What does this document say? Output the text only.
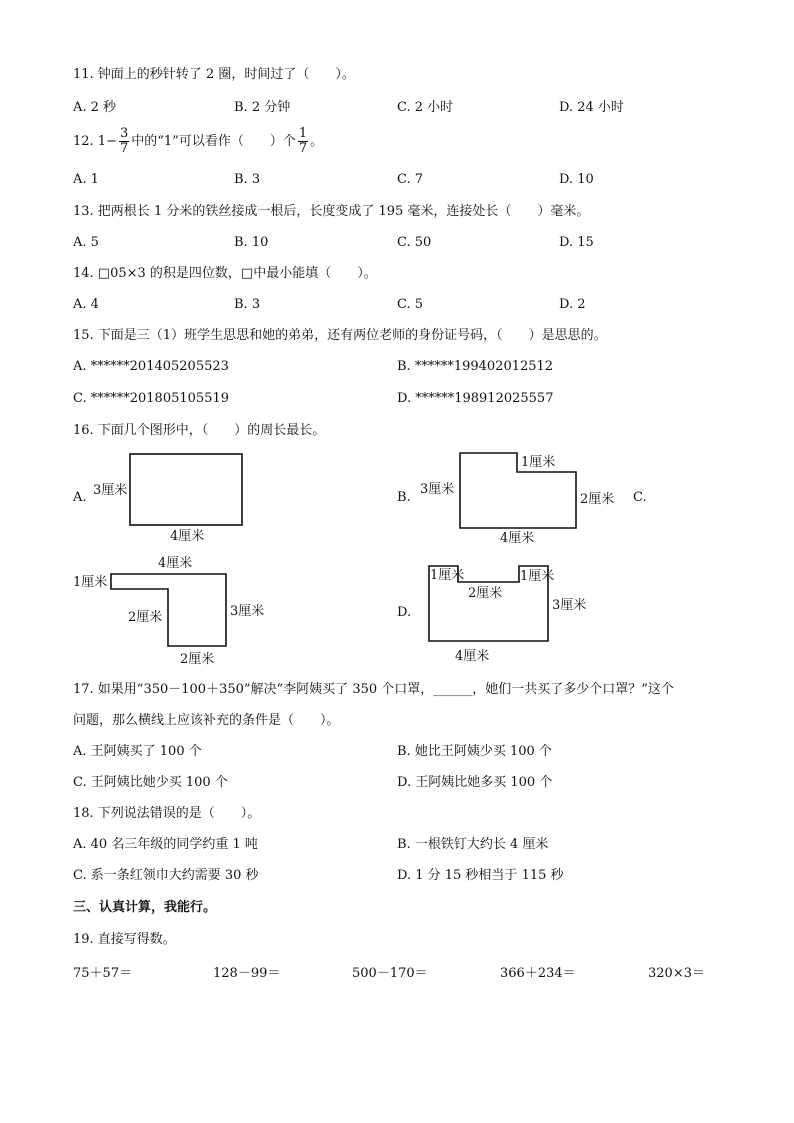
11. 钟面上的秒针转了 2 圈，时间过了（　　）。
A. 2 秒	B. 2 分钟	C. 2 小时	D. 24 小时
12. $1- \frac{3}{7}$ 中的“1”可以看作（　　）个 $\frac{1}{7}$ 。
A. 1	B. 3	C. 7	D. 10
13. 把两根长 1 分米的铁丝接成一根后，长度变成了 195 毫米，连接处长（　　）毫米。
A. 5	B. 10	C. 50	D. 15
14. □05×3 的积是四位数，□中最小能填（　　）。
A. 4	B. 3	C. 5	D. 2
15. 下面是三（1）班学生思思和她的弟弟，还有两位老师的身份证号码，（　　）是思思的。
A. ******201405205523	B. ******199402012512
C. ******201805105519	D. ******198912025557
16. 下面几个图形中，（　　）的周长最长。
A. 3厘米
4厘米
B.
3厘米
1厘米
2厘米
4厘米
C.
4厘米
1厘米
2厘米	3厘米
2厘米
D.
1厘米	1厘米
2厘米
3厘米
4厘米
17. 如果用“350－100＋350”解决“李阿姨买了 350 个口罩，______，她们一共买了多少个口罩？”这个
问题，那么横线上应该补充的条件是（　　）。
A. 王阿姨买了 100 个	B. 她比王阿姨少买 100 个
C. 王阿姨比她少买 100 个	D. 王阿姨比她多买 100 个
18. 下列说法错误的是（　　）。
A. 40 名三年级的同学约重 1 吨	B. 一根铁钉大约长 4 厘米
C. 系一条红领巾大约需要 30 秒	D. 1 分 15 秒相当于 115 秒
三、认真计算，我能行。
19. 直接写得数。
75＋57＝	128－99＝	500－170＝	366＋234＝	320×3＝
